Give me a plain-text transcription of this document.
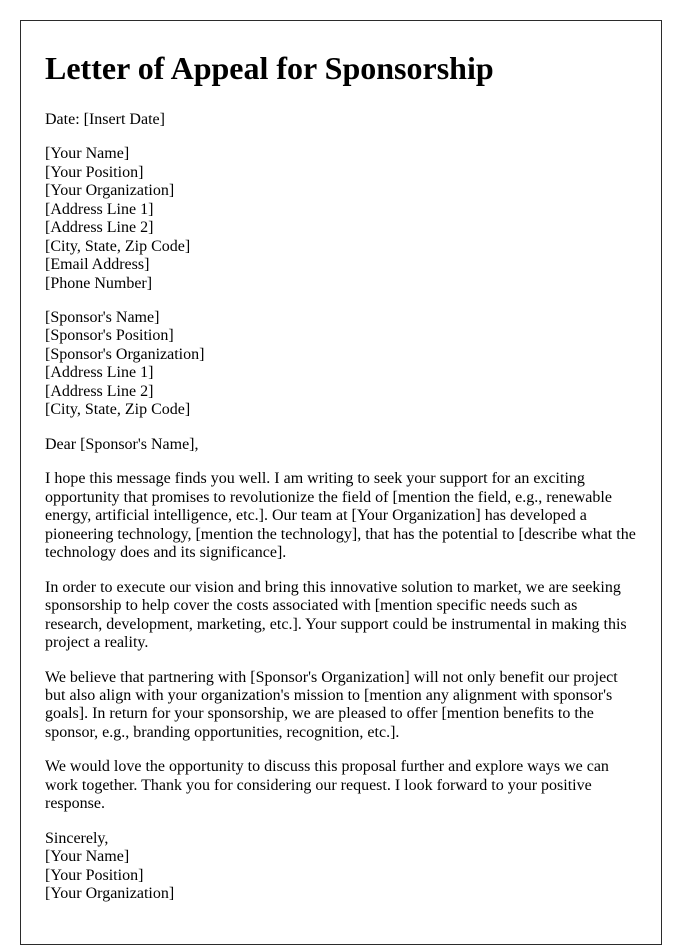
Letter of Appeal for Sponsorship

Date: [Insert Date]

[Your Name]
[Your Position]
[Your Organization]
[Address Line 1]
[Address Line 2]
[City, State, Zip Code]
[Email Address]
[Phone Number]

[Sponsor's Name]
[Sponsor's Position]
[Sponsor's Organization]
[Address Line 1]
[Address Line 2]
[City, State, Zip Code]

Dear [Sponsor's Name],

I hope this message finds you well. I am writing to seek your support for an exciting opportunity that promises to revolutionize the field of [mention the field, e.g., renewable energy, artificial intelligence, etc.]. Our team at [Your Organization] has developed a pioneering technology, [mention the technology], that has the potential to [describe what the technology does and its significance].

In order to execute our vision and bring this innovative solution to market, we are seeking sponsorship to help cover the costs associated with [mention specific needs such as research, development, marketing, etc.]. Your support could be instrumental in making this project a reality.

We believe that partnering with [Sponsor's Organization] will not only benefit our project but also align with your organization's mission to [mention any alignment with sponsor's goals]. In return for your sponsorship, we are pleased to offer [mention benefits to the sponsor, e.g., branding opportunities, recognition, etc.].

We would love the opportunity to discuss this proposal further and explore ways we can work together. Thank you for considering our request. I look forward to your positive response.

Sincerely,
[Your Name]
[Your Position]
[Your Organization]
